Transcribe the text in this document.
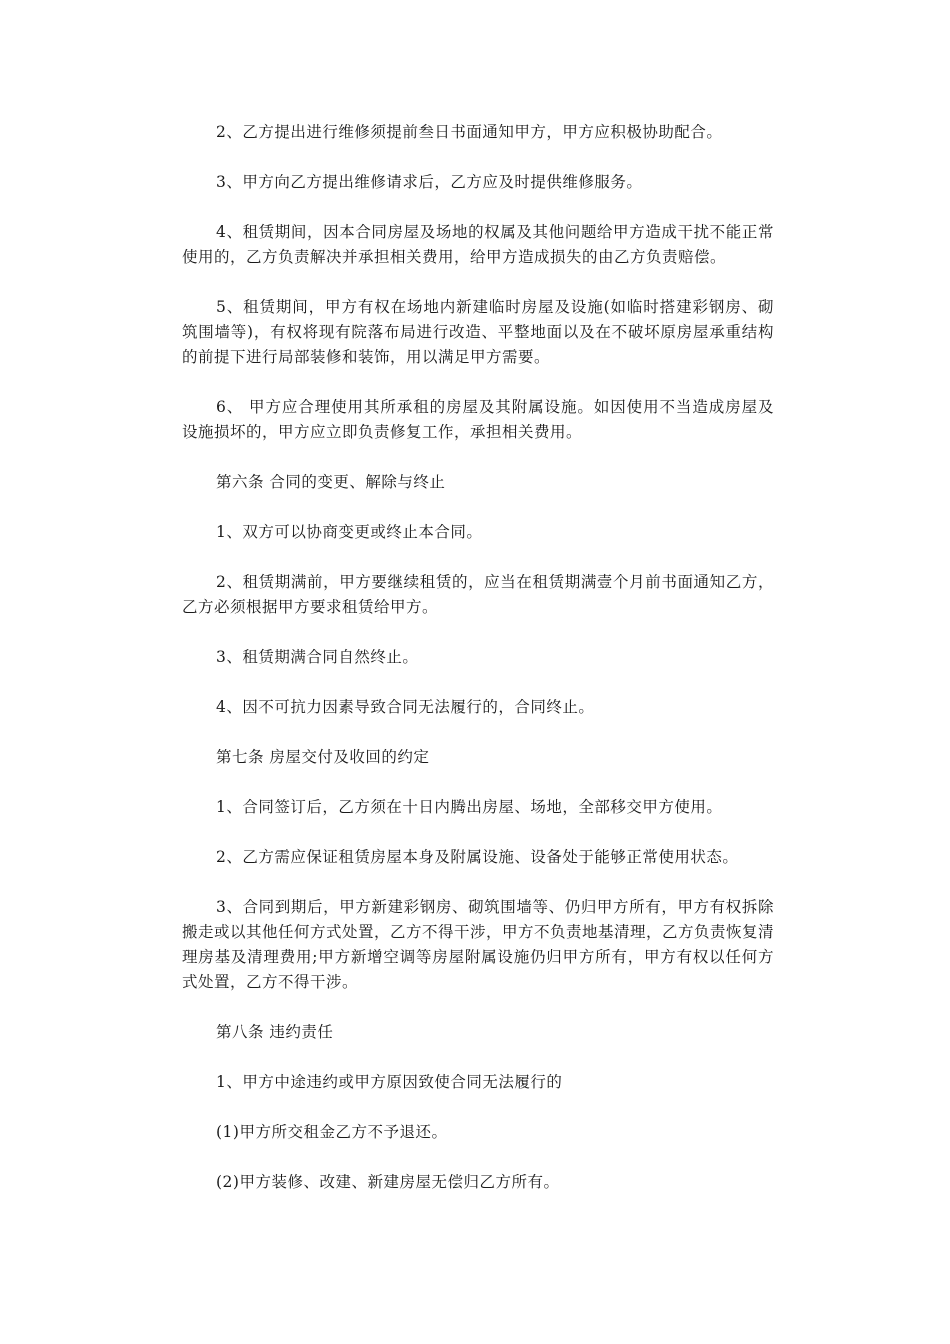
2、乙方提出进行维修须提前叁日书面通知甲方，甲方应积极协助配合。

3、甲方向乙方提出维修请求后，乙方应及时提供维修服务。

4、租赁期间，因本合同房屋及场地的权属及其他问题给甲方造成干扰不能正常使用的，乙方负责解决并承担相关费用，给甲方造成损失的由乙方负责赔偿。

5、租赁期间，甲方有权在场地内新建临时房屋及设施(如临时搭建彩钢房、砌筑围墙等)，有权将现有院落布局进行改造、平整地面以及在不破坏原房屋承重结构的前提下进行局部装修和装饰，用以满足甲方需要。

6、 甲方应合理使用其所承租的房屋及其附属设施。如因使用不当造成房屋及设施损坏的，甲方应立即负责修复工作，承担相关费用。

第六条 合同的变更、解除与终止

1、双方可以协商变更或终止本合同。

2、租赁期满前，甲方要继续租赁的，应当在租赁期满壹个月前书面通知乙方，乙方必须根据甲方要求租赁给甲方。

3、租赁期满合同自然终止。

4、因不可抗力因素导致合同无法履行的，合同终止。

第七条 房屋交付及收回的约定

1、合同签订后，乙方须在十日内腾出房屋、场地，全部移交甲方使用。

2、乙方需应保证租赁房屋本身及附属设施、设备处于能够正常使用状态。

3、合同到期后，甲方新建彩钢房、砌筑围墙等、仍归甲方所有，甲方有权拆除搬走或以其他任何方式处置，乙方不得干涉，甲方不负责地基清理，乙方负责恢复清理房基及清理费用;甲方新增空调等房屋附属设施仍归甲方所有，甲方有权以任何方式处置，乙方不得干涉。

第八条 违约责任

1、甲方中途违约或甲方原因致使合同无法履行的

(1)甲方所交租金乙方不予退还。

(2)甲方装修、改建、新建房屋无偿归乙方所有。
